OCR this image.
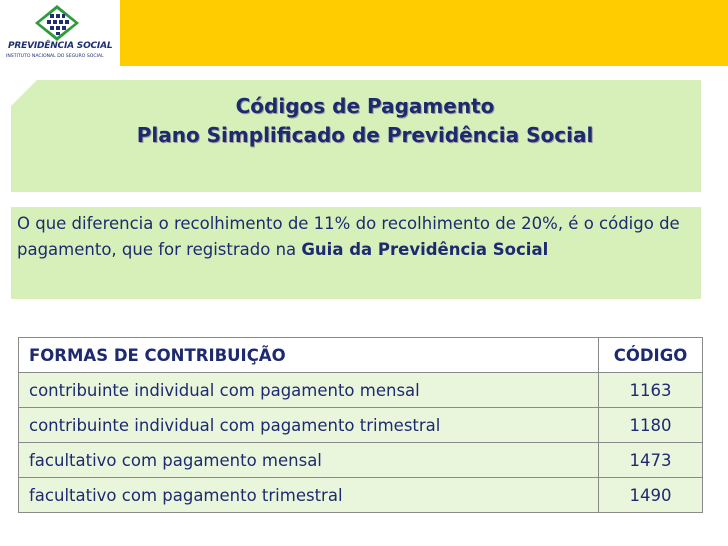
PREVIDÊNCIA SOCIAL
INSTITUTO NACIONAL DO SEGURO SOCIAL
Códigos de Pagamento
Plano Simplificado de Previdência Social
O que diferencia o recolhimento de 11% do recolhimento de 20%, é o código de pagamento, que for registrado na Guia da Previdência Social
FORMAS DE CONTRIBUIÇÃO	CÓDIGO
contribuinte individual com pagamento mensal	1163
contribuinte individual com pagamento trimestral	1180
facultativo com pagamento mensal	1473
facultativo com pagamento trimestral	1490
